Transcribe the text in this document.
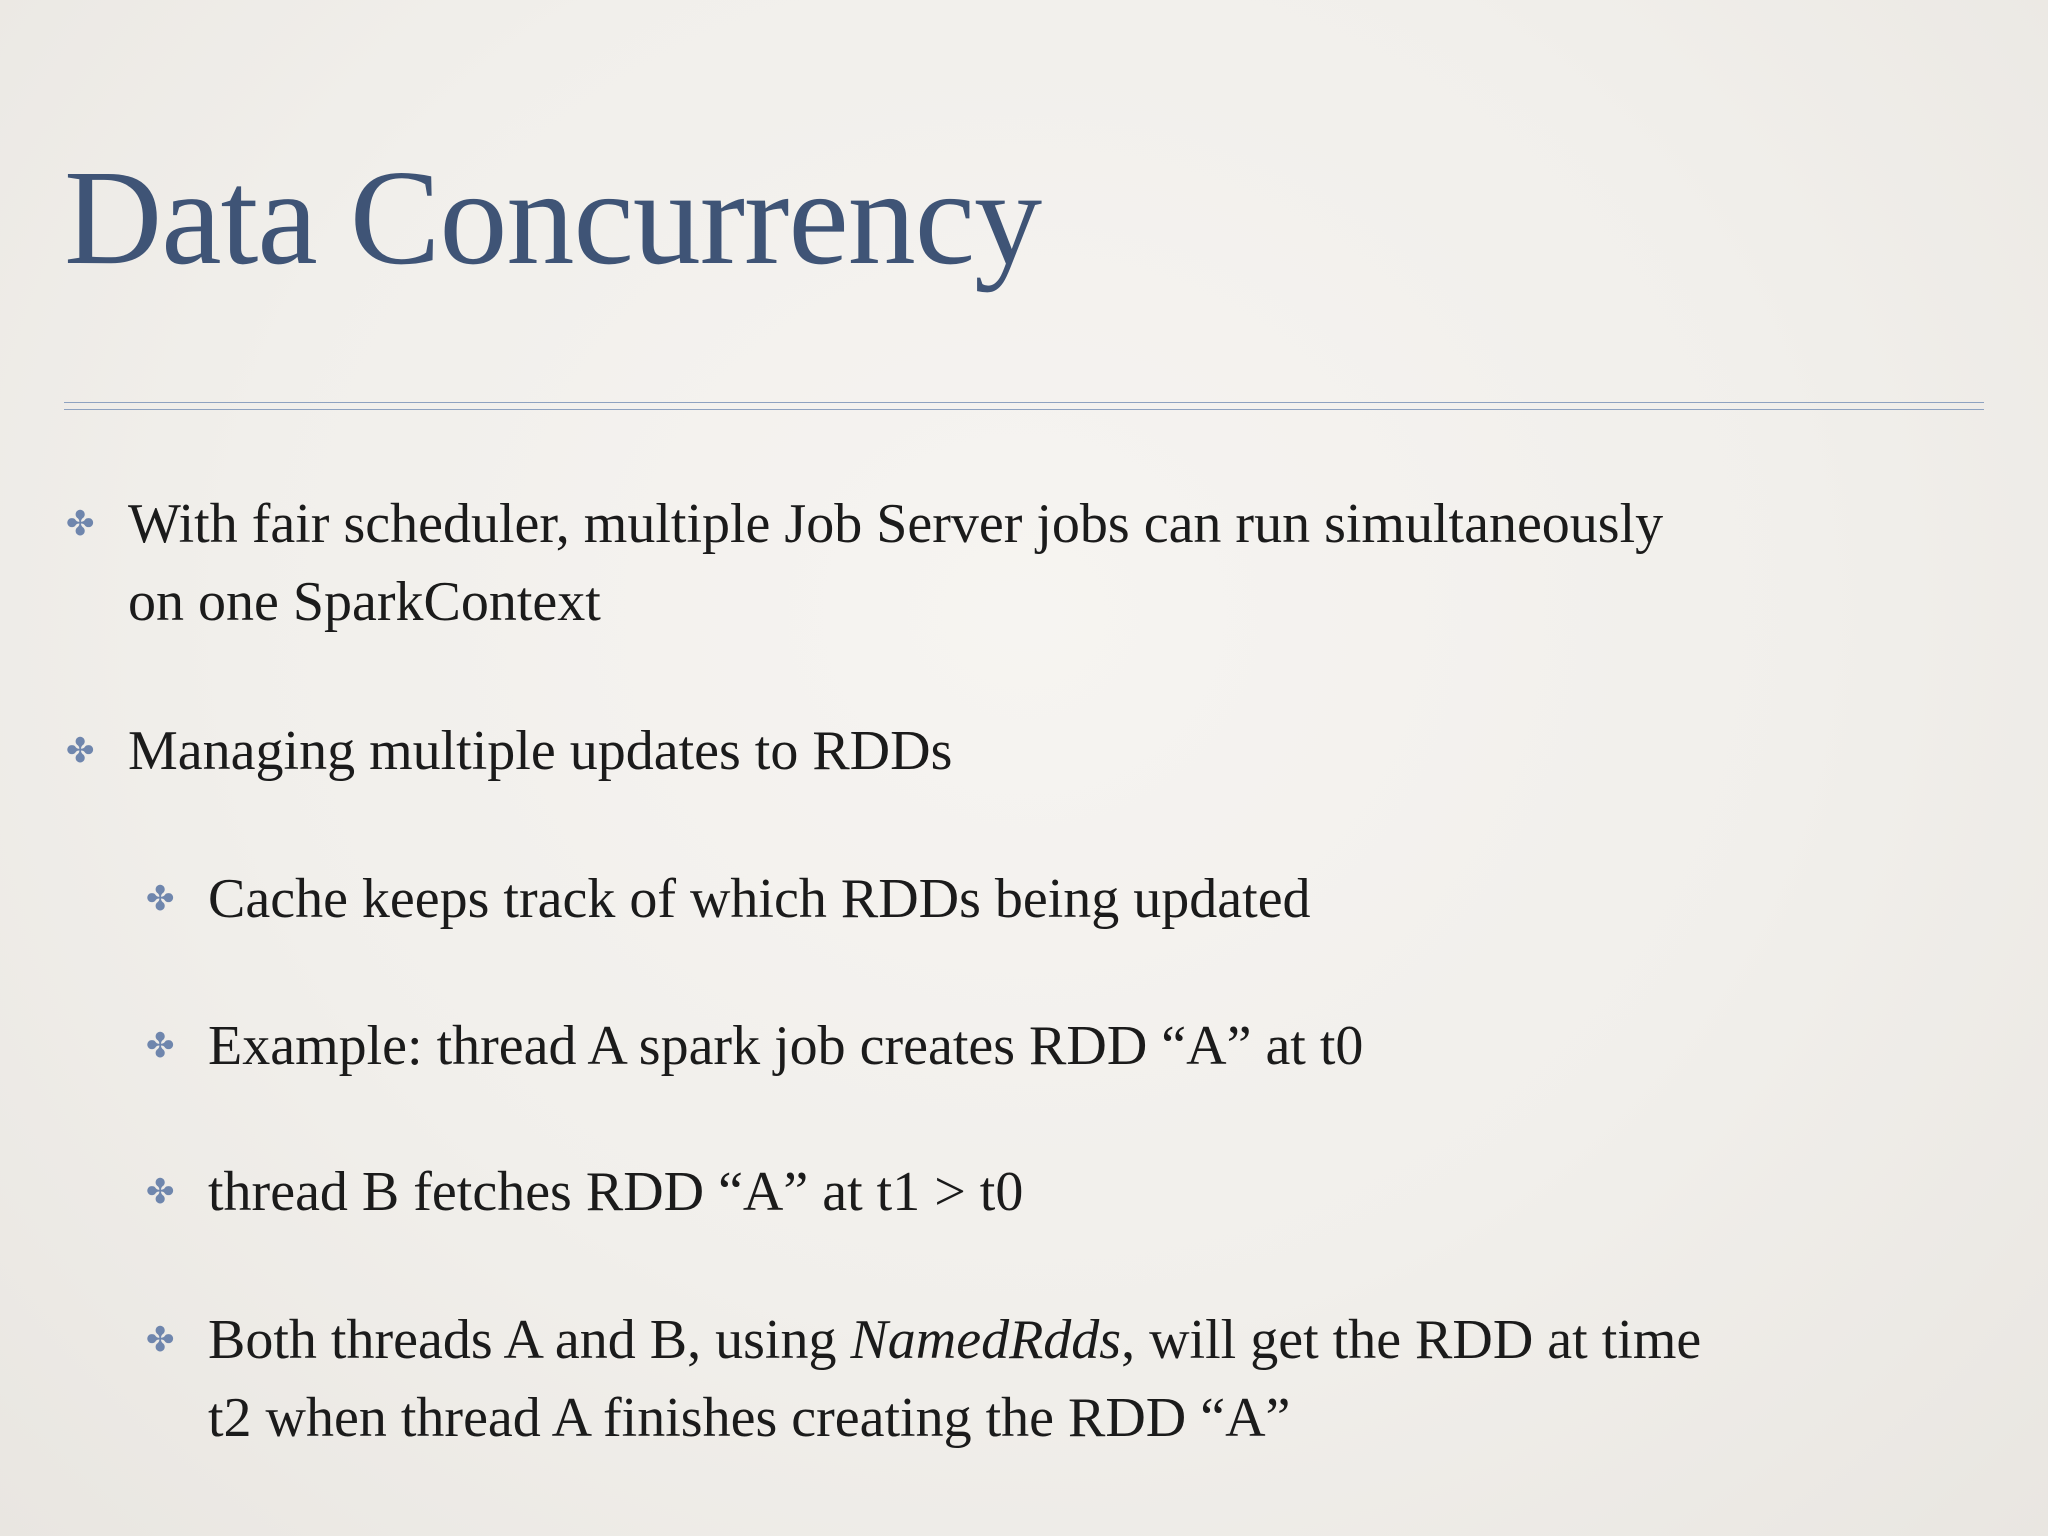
Data Concurrency
✤ With fair scheduler, multiple Job Server jobs can run simultaneously
on one SparkContext
✤ Managing multiple updates to RDDs
✤ Cache keeps track of which RDDs being updated
✤ Example: thread A spark job creates RDD “A” at t0
✤ thread B fetches RDD “A” at t1 > t0
✤ Both threads A and B, using NamedRdds, will get the RDD at time
t2 when thread A finishes creating the RDD “A”
